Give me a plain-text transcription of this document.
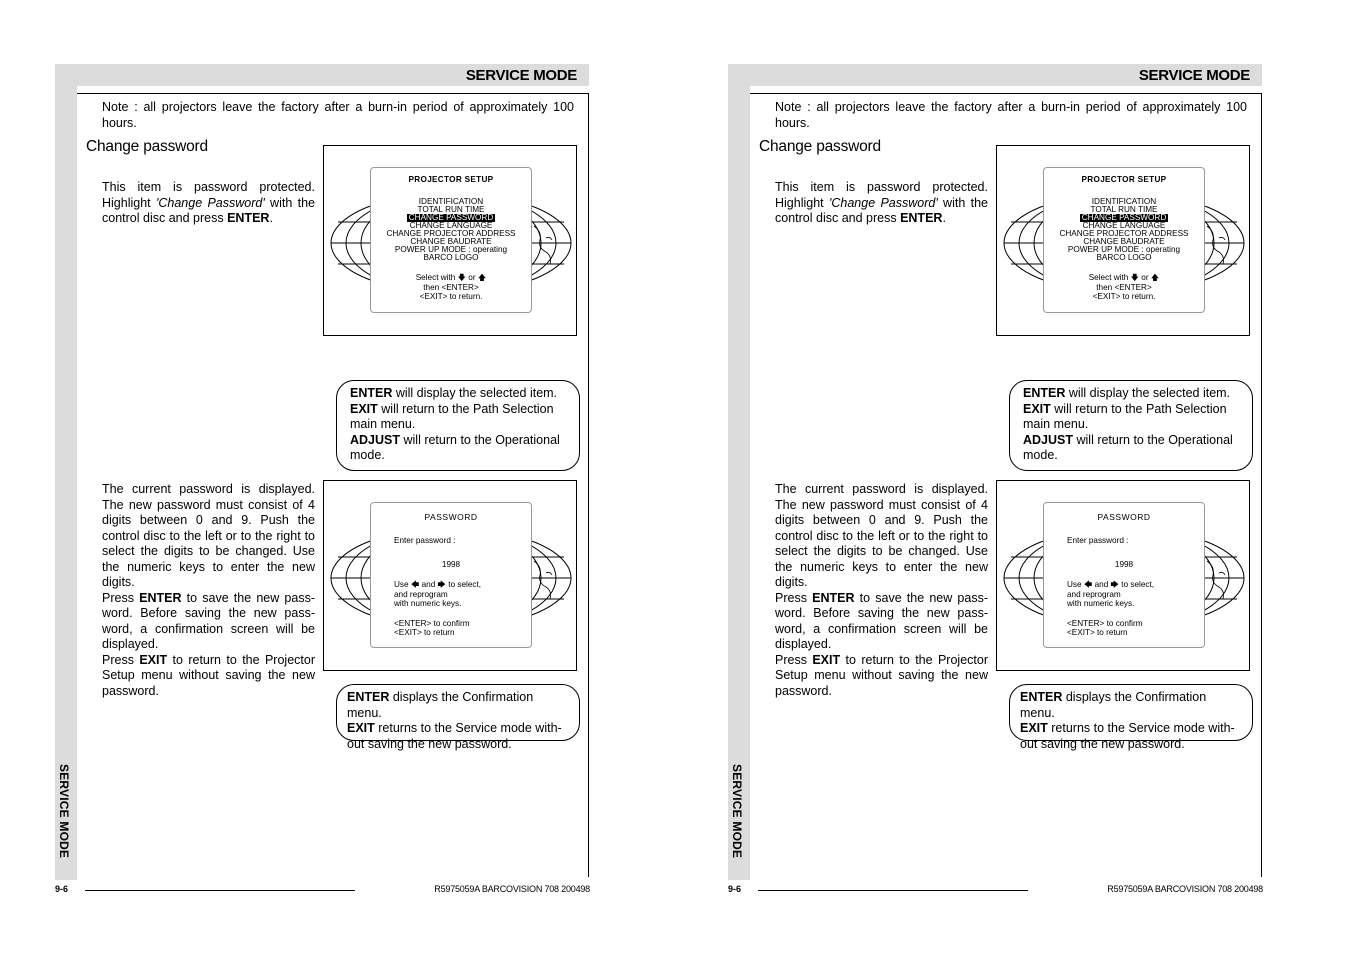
SERVICE MODE
SERVICE MODE
Note : all projectors leave the factory after a burn-in period of approximately 100 hours.
Change password
This item is password protected. Highlight 'Change Password' with the control disc and press ENTER.
PROJECTOR SETUP
IDENTIFICATION
TOTAL RUN TIME
CHANGE PASSWORD
CHANGE LANGUAGE
CHANGE PROJECTOR ADDRESS
CHANGE BAUDRATE
POWER UP MODE : operating
BARCO LOGO
Select with 🡇 or 🡅
then <ENTER>
<EXIT> to return.

ENTER will display the selected item.

EXIT will return to the Path Selection main menu.

ADJUST will return to the Operational mode.

The current password is displayed. The new password must consist of 4 digits between 0 and 9. Push the control disc to the left or to the right to select the digits to be changed. Use the numeric keys to enter the new digits.

Press ENTER to save the new pass-word. Before saving the new pass-word, a confirmation screen will be displayed.

Press EXIT to return to the Projector Setup menu without saving the new password.

PASSWORD
Enter password :
1998
Use 🡄 and 🡆 to select,
and reprogram
with numeric keys.
<ENTER> to confirm
<EXIT> to return

ENTER displays the Confirmation menu.

EXIT returns to the Service mode with-out saving the new password.

9-6	R5975059A BARCOVISION 708 200498
SERVICE MODE
SERVICE MODE
Note : all projectors leave the factory after a burn-in period of approximately 100 hours.
Change password
This item is password protected. Highlight 'Change Password' with the control disc and press ENTER.
PROJECTOR SETUP
IDENTIFICATION
TOTAL RUN TIME
CHANGE PASSWORD
CHANGE LANGUAGE
CHANGE PROJECTOR ADDRESS
CHANGE BAUDRATE
POWER UP MODE : operating
BARCO LOGO
Select with 🡇 or 🡅
then <ENTER>
<EXIT> to return.

ENTER will display the selected item.

EXIT will return to the Path Selection main menu.

ADJUST will return to the Operational mode.

The current password is displayed. The new password must consist of 4 digits between 0 and 9. Push the control disc to the left or to the right to select the digits to be changed. Use the numeric keys to enter the new digits.

Press ENTER to save the new pass-word. Before saving the new pass-word, a confirmation screen will be displayed.

Press EXIT to return to the Projector Setup menu without saving the new password.

PASSWORD
Enter password :
1998
Use 🡄 and 🡆 to select,
and reprogram
with numeric keys.
<ENTER> to confirm
<EXIT> to return

ENTER displays the Confirmation menu.

EXIT returns to the Service mode with-out saving the new password.

9-6	R5975059A BARCOVISION 708 200498
